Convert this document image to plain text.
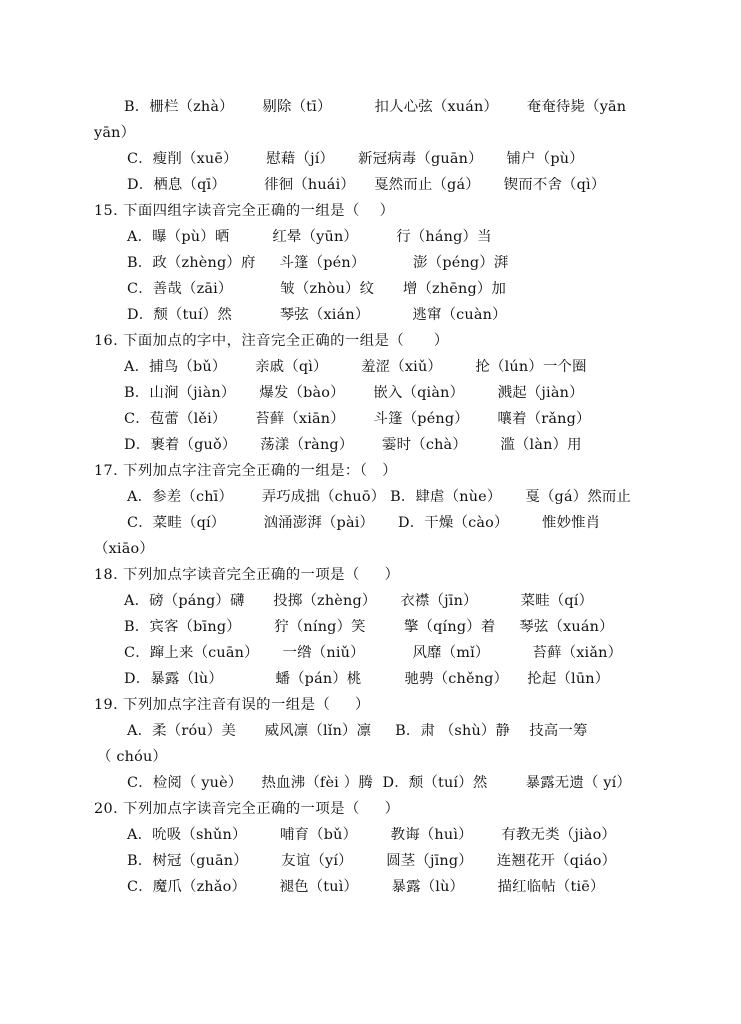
B．栅栏（zhà）      剔除（tī）         扣人心弦（xuán）      奄奄待毙（yān
yān）
C．瘦削（xuē）      慰藉（jí）     新冠病毒（guān）     铺户（pù）
D．栖息（qī）        徘徊（huái）    戛然而止（gá）     锲而不舍（qì）
15. 下面四组字读音完全正确的一组是（    ）
A．曝（pù）晒         红晕（yūn）        行（háng）当
B．政（zhèng）府     斗篷（pén）          澎（péng）湃
C．善哉（zāi）          皱（zhòu）纹      增（zhēng）加
D．颓（tuí）然          琴弦（xián）         逃窜（cuàn）
16. 下面加点的字中，注音完全正确的一组是（      ）
A．捕鸟（bǔ）      亲戚（qì）       羞涩（xiǔ）       抡（lún）一个圈
B．山涧（jiàn）     爆发（bào）      嵌入（qiàn）       溅起（jiàn）
C．苞蕾（lěi）      苔藓（xiān）      斗篷（péng）      嚷着（rǎng）
D．裹着（guǒ）     荡漾（ràng）      霎时（chà）       滥（làn）用
17. 下列加点字注音完全正确的一组是：（   ）
A．参差（chī）      弄巧成拙（chuō） B．肆虐（nùe）     戛（gá）然而止
C．菜畦（qí）        汹涌澎湃（pài）     D．干燥（cào）       惟妙惟肖
（xiāo）
18. 下列加点字读音完全正确的一项是（     ）
A．磅（páng）礴      投掷（zhèng）     衣襟（jīn）         菜畦（qí）
B．宾客（bīng）       狞（níng）笑        擎（qíng）着     琴弦（xuán）
C．蹿上来（cuān）     一绺（niǔ）          风靡（mǐ）         苔藓（xiǎn）
D．暴露（lù）           蟠（pán）桃         驰骋（chěng）    抡起（lūn）
19. 下列加点字注音有误的一组是（     ）
A．柔（róu）美      威风凛（lǐn）凛     B．肃 （shù）静    技高一筹
（ chóu）
C．检阅（ yuè）    热血沸（fèi ）腾  D．颓（tuí）然        暴露无遗（ yí）
20. 下列加点字读音完全正确的一项是（     ）
A．吮吸（shǔn）       哺育（bǔ）       教诲（huì）      有教无类（jiào）
B．树冠（guān）       友谊（yí）       圆茎（jīng）     连翘花开（qiáo）
C．魔爪（zhǎo）       褪色（tuì）       暴露（lù）       描红临帖（tiē）
